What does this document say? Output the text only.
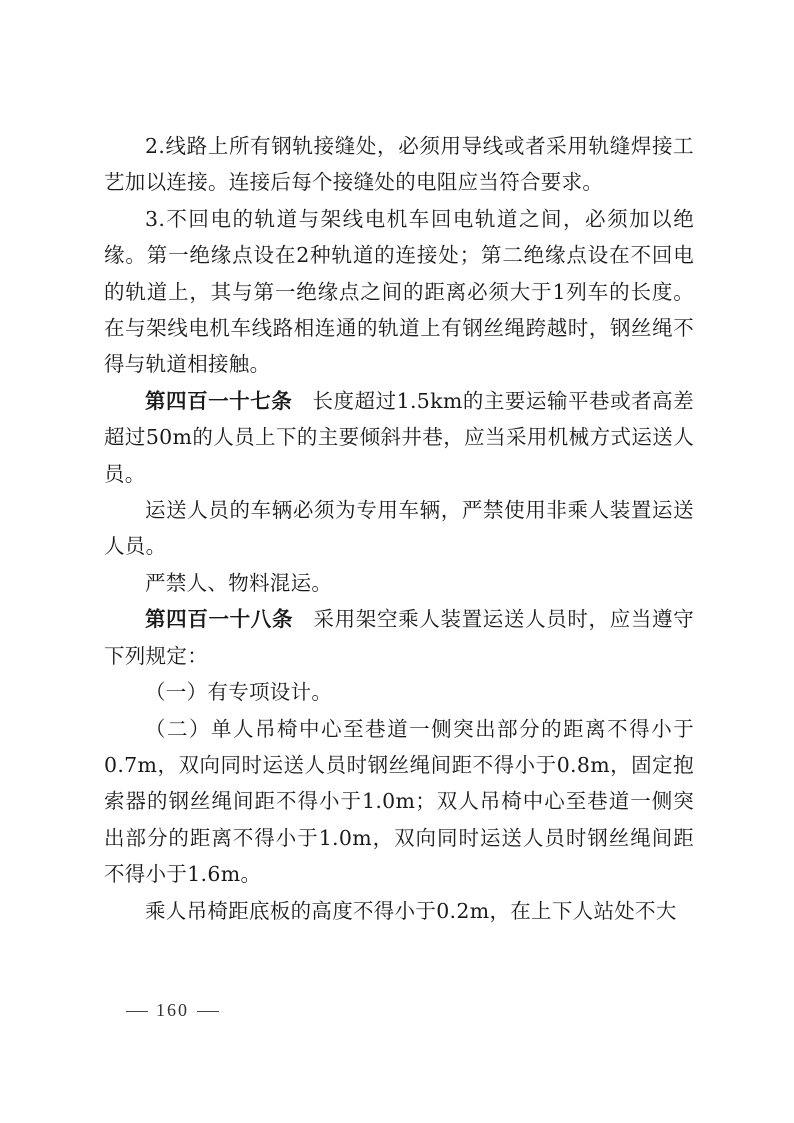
2.线路上所有钢轨接缝处，必须用导线或者采用轨缝焊接工艺加以连接。连接后每个接缝处的电阻应当符合要求。

3.不回电的轨道与架线电机车回电轨道之间，必须加以绝缘。第一绝缘点设在2种轨道的连接处；第二绝缘点设在不回电的轨道上，其与第一绝缘点之间的距离必须大于1列车的长度。在与架线电机车线路相连通的轨道上有钢丝绳跨越时，钢丝绳不得与轨道相接触。

第四百一十七条 长度超过1.5km的主要运输平巷或者高差超过50m的人员上下的主要倾斜井巷，应当采用机械方式运送人员。

运送人员的车辆必须为专用车辆，严禁使用非乘人装置运送人员。

严禁人、物料混运。

第四百一十八条 采用架空乘人装置运送人员时，应当遵守下列规定：

（一）有专项设计。

（二）单人吊椅中心至巷道一侧突出部分的距离不得小于0.7m，双向同时运送人员时钢丝绳间距不得小于0.8m，固定抱索器的钢丝绳间距不得小于1.0m；双人吊椅中心至巷道一侧突出部分的距离不得小于1.0m，双向同时运送人员时钢丝绳间距不得小于1.6m。

乘人吊椅距底板的高度不得小于0.2m，在上下人站处不大

160
